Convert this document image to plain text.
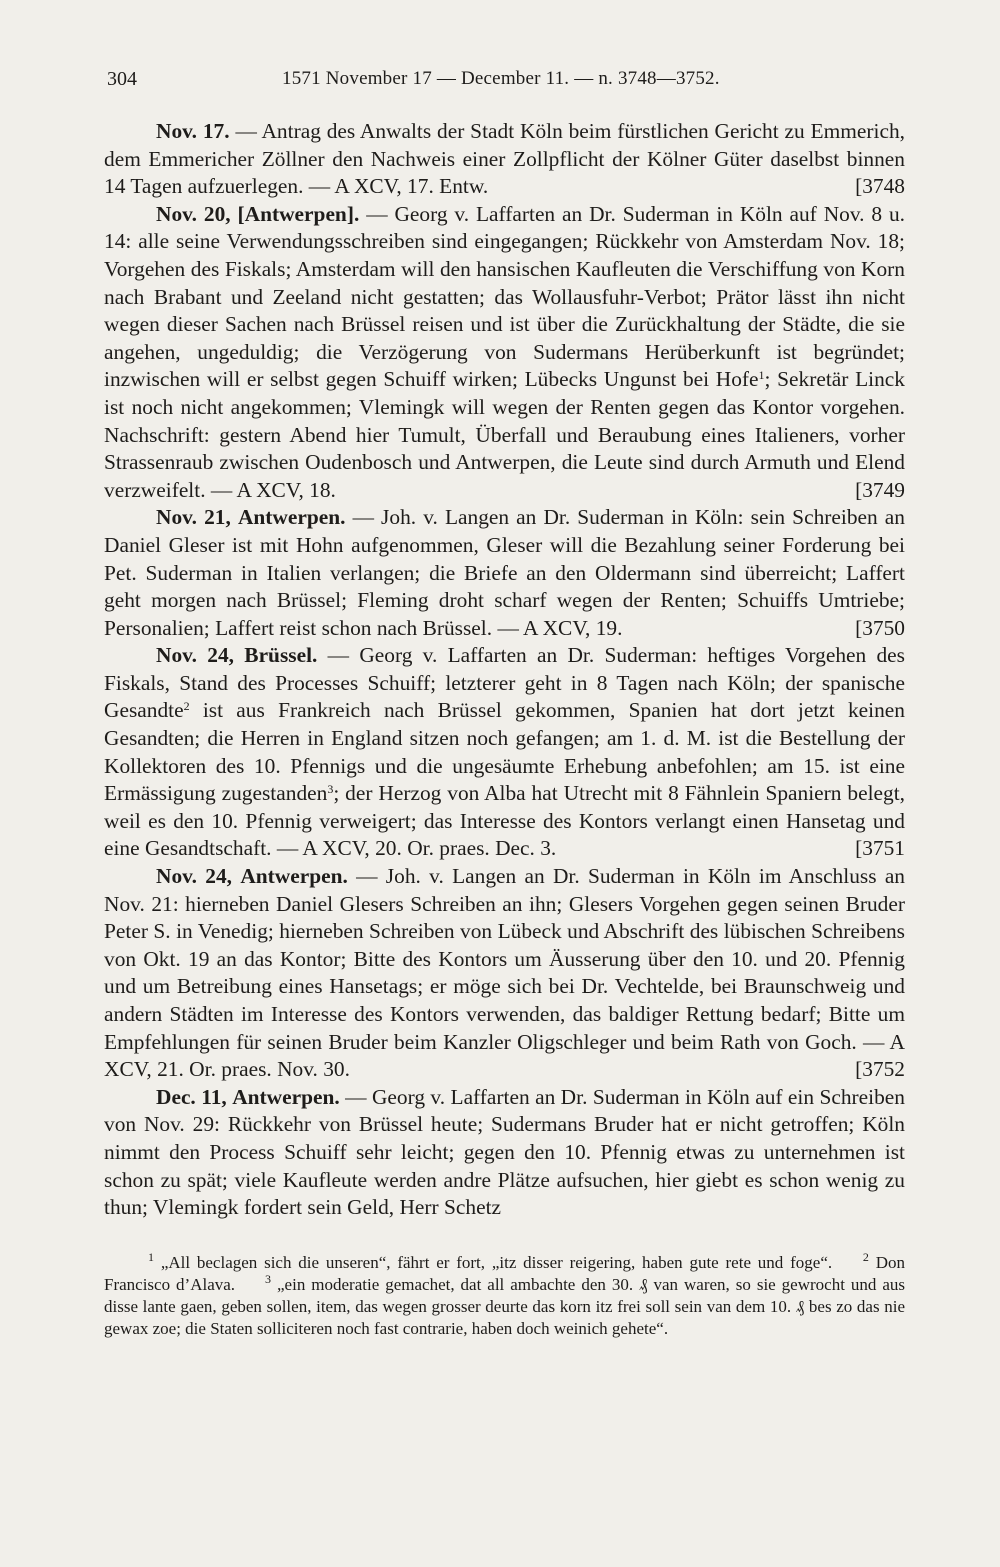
304	1571 November 17 — December 11. — n. 3748—3752.

Nov. 17. — Antrag des Anwalts der Stadt Köln beim fürstlichen Gericht zu Emmerich, dem Emmericher Zöllner den Nachweis einer Zollpflicht der Kölner Güter daselbst binnen 14 Tagen aufzuerlegen. — A XCV, 17. Entw.	[3748

Nov. 20, [Antwerpen]. — Georg v. Laffarten an Dr. Suderman in Köln auf Nov. 8 u. 14: alle seine Verwendungsschreiben sind eingegangen; Rückkehr von Amsterdam Nov. 18; Vorgehen des Fiskals; Amsterdam will den hansischen Kaufleuten die Verschiffung von Korn nach Brabant und Zeeland nicht gestatten; das Wollausfuhr-Verbot; Prätor lässt ihn nicht wegen dieser Sachen nach Brüssel reisen und ist über die Zurückhaltung der Städte, die sie angehen, ungeduldig; die Verzögerung von Sudermans Herüberkunft ist begründet; inzwischen will er selbst gegen Schuiff wirken; Lübecks Ungunst bei Hofe$^1$; Sekretär Linck ist noch nicht angekommen; Vlemingk will wegen der Renten gegen das Kontor vorgehen. Nachschrift: gestern Abend hier Tumult, Überfall und Beraubung eines Italieners, vorher Strassenraub zwischen Oudenbosch und Antwerpen, die Leute sind durch Armuth und Elend verzweifelt. — A XCV, 18.	[3749

Nov. 21, Antwerpen. — Joh. v. Langen an Dr. Suderman in Köln: sein Schreiben an Daniel Gleser ist mit Hohn aufgenommen, Gleser will die Bezahlung seiner Forderung bei Pet. Suderman in Italien verlangen; die Briefe an den Oldermann sind überreicht; Laffert geht morgen nach Brüssel; Fleming droht scharf wegen der Renten; Schuiffs Umtriebe; Personalien; Laffert reist schon nach Brüssel. — A XCV, 19.	[3750

Nov. 24, Brüssel. — Georg v. Laffarten an Dr. Suderman: heftiges Vorgehen des Fiskals, Stand des Processes Schuiff; letzterer geht in 8 Tagen nach Köln; der spanische Gesandte$^2$ ist aus Frankreich nach Brüssel gekommen, Spanien hat dort jetzt keinen Gesandten; die Herren in England sitzen noch gefangen; am 1. d. M. ist die Bestellung der Kollektoren des 10. Pfennigs und die ungesäumte Erhebung anbefohlen; am 15. ist eine Ermässigung zugestanden$^3$; der Herzog von Alba hat Utrecht mit 8 Fähnlein Spaniern belegt, weil es den 10. Pfennig verweigert; das Interesse des Kontors verlangt einen Hansetag und eine Gesandtschaft. — A XCV, 20. Or. praes. Dec. 3.	[3751

Nov. 24, Antwerpen. — Joh. v. Langen an Dr. Suderman in Köln im Anschluss an Nov. 21: hierneben Daniel Glesers Schreiben an ihn; Glesers Vorgehen gegen seinen Bruder Peter S. in Venedig; hierneben Schreiben von Lübeck und Abschrift des lübischen Schreibens von Okt. 19 an das Kontor; Bitte des Kontors um Äusserung über den 10. und 20. Pfennig und um Betreibung eines Hansetags; er möge sich bei Dr. Vechtelde, bei Braunschweig und andern Städten im Interesse des Kontors verwenden, das baldiger Rettung bedarf; Bitte um Empfehlungen für seinen Bruder beim Kanzler Oligschleger und beim Rath von Goch. — A XCV, 21. Or. praes. Nov. 30.	[3752

Dec. 11, Antwerpen. — Georg v. Laffarten an Dr. Suderman in Köln auf ein Schreiben von Nov. 29: Rückkehr von Brüssel heute; Sudermans Bruder hat er nicht getroffen; Köln nimmt den Process Schuiff sehr leicht; gegen den 10. Pfennig etwas zu unternehmen ist schon zu spät; viele Kaufleute werden andre Plätze aufsuchen, hier giebt es schon wenig zu thun; Vlemingk fordert sein Geld, Herr Schetz

$^1$ „All beclagen sich die unseren“, fährt er fort, „itz disser reigering, haben gute rete und foge“.	$^2$ Don Francisco d’Alava. $^3$ „ein moderatie gemachet, dat all ambachte den 30. ₰ van waren, so sie gewrocht und aus disse lante gaen, geben sollen, item, das wegen grosser deurte das korn itz frei soll sein van dem 10. ₰ bes zo das nie gewax zoe; die Staten solliciteren noch fast contrarie, haben doch weinich gehete“.
